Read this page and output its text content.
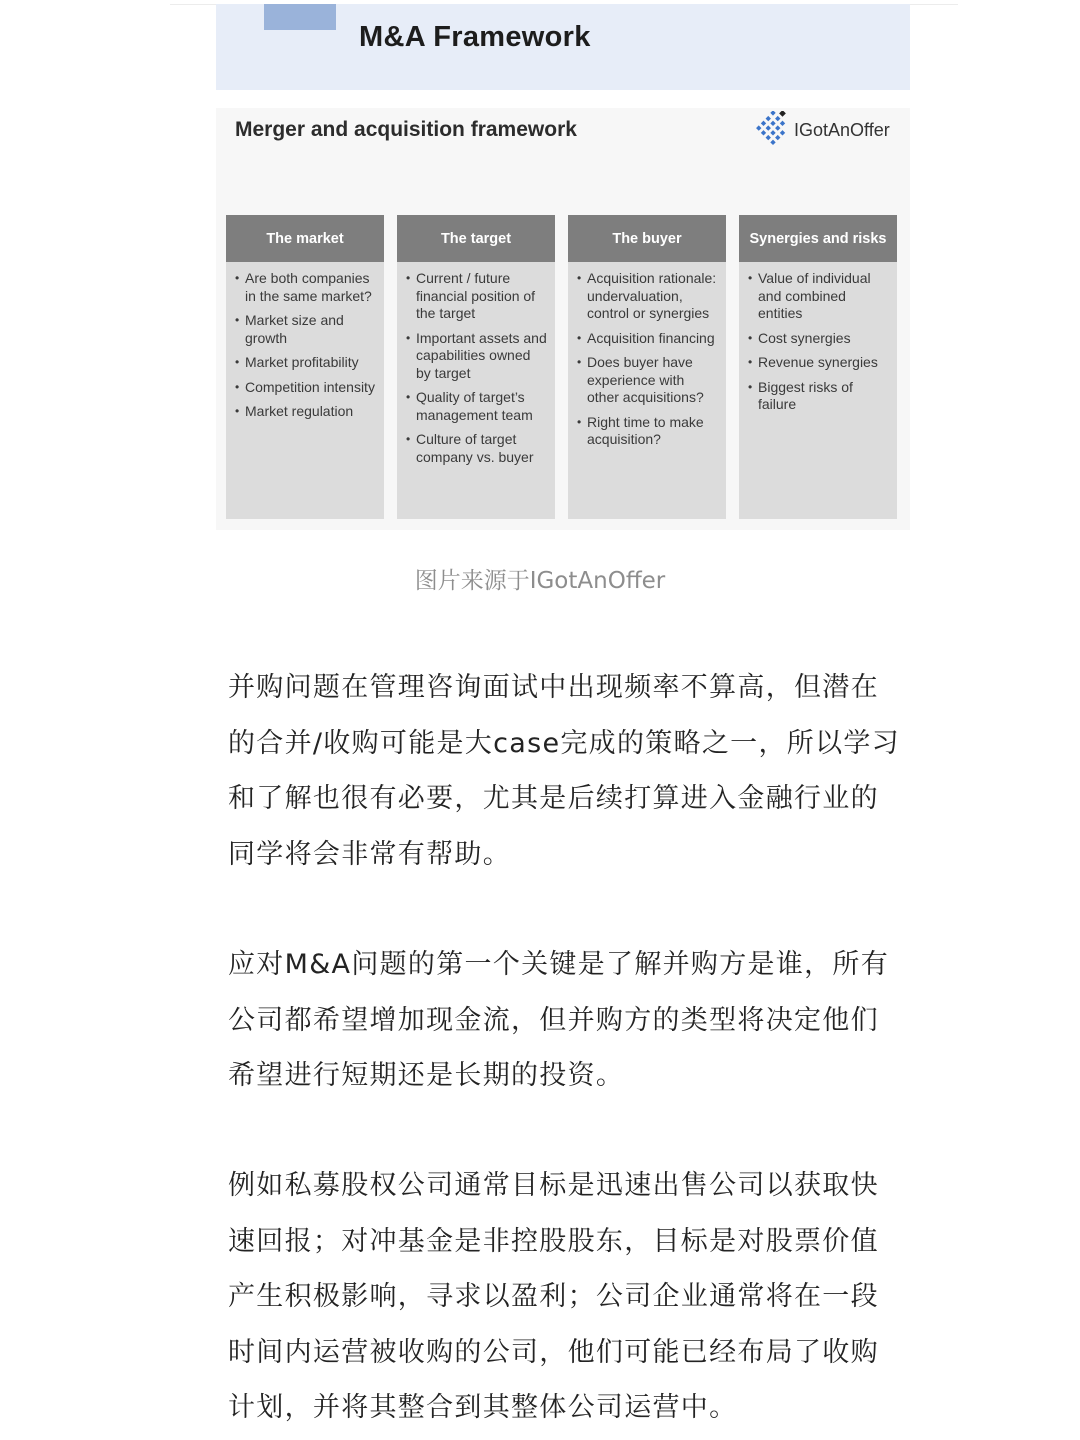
M&A Framework
Merger and acquisition framework	IGotAnOffer
The market
• Are both companies in the same market?
• Market size and growth
• Market profitability
• Competition intensity
• Market regulation
The target
• Current / future financial position of the target
• Important assets and capabilities owned by target
• Quality of target’s management team
• Culture of target company vs. buyer
The buyer
• Acquisition rationale: undervaluation, control or synergies
• Acquisition financing
• Does buyer have experience with other acquisitions?
• Right time to make acquisition?
Synergies and risks
• Value of individual and combined entities
• Cost synergies
• Revenue synergies
• Biggest risks of failure
图片来源于IGotAnOffer

并购问题在管理咨询面试中出现频率不算高，但潜在的合并/收购可能是大case完成的策略之一，所以学习和了解也很有必要，尤其是后续打算进入金融行业的同学将会非常有帮助。

应对M&A问题的第一个关键是了解并购方是谁，所有公司都希望增加现金流，但并购方的类型将决定他们希望进行短期还是长期的投资。

例如私募股权公司通常目标是迅速出售公司以获取快速回报；对冲基金是非控股股东，目标是对股票价值产生积极影响，寻求以盈利；公司企业通常将在一段时间内运营被收购的公司，他们可能已经布局了收购计划，并将其整合到其整体公司运营中。
